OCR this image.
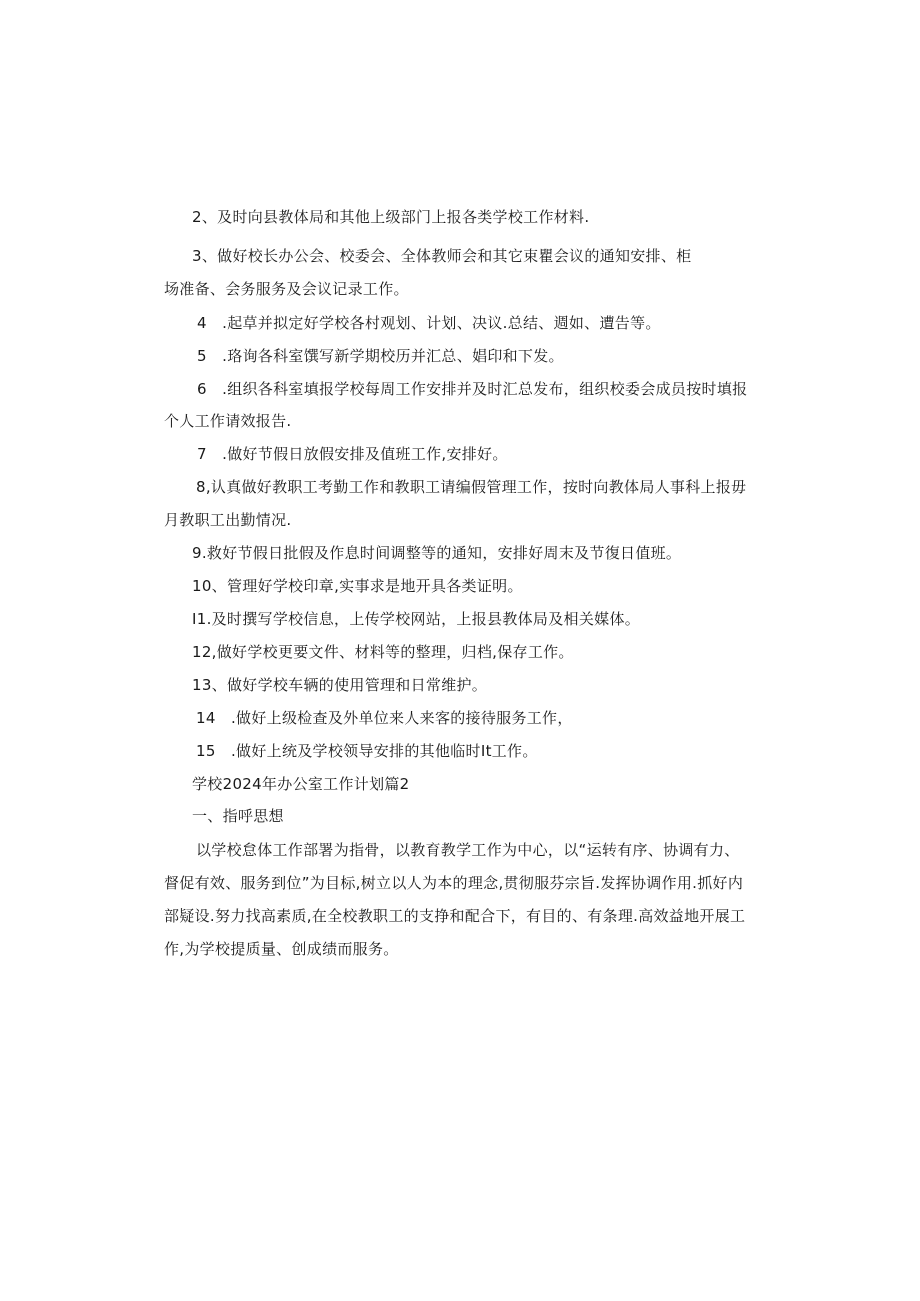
2、及时向县教体局和其他上级部门上报各类学校工作材料.
3、做好校长办公会、校委会、全体教师会和其它束瞿会议的通知安排、柜
场准备、会务服务及会议记录工作。
4　.起草并拟定好学校各村观划、计划、决议.总结、週如、遭告等。
5　.珞询各科室馔写新学期校历并汇总、娼印和下发。
6　.组织各科室填报学校每周工作安排并及时汇总发布，组织校委会成员按时填报
个人工作请效报告.
7　.做好节假日放假安排及值班工作,安排好。
8,认真做好教职工考勤工作和教职工请编假管理工作，按时向教体局人事科上报毋
月教职工出勤情况.
9.救好节假日批假及作息时间调整等的通知，安排好周末及节復日值班。
10、管理好学校印章,实事求是地开具各类证明。
I1.及时撰写学校信息，上传学校网站，上报县教体局及相关媒体。
12,做好学校更要文件、材料等的整理，归档,保存工作。
13、做好学校车辆的使用管理和日常维护。
14　.做好上级检查及外单位来人来客的接待服务工作，
15　.做好上统及学校领导安排的其他临时It工作。
学校2024年办公室工作计划篇2
一、指呼思想
以学校怠体工作部署为指骨，以教育教学工作为中心，以“运转有序、协调有力、
督促有效、服务到位”为目标,树立以人为本的理念,贯彻服芬宗旨.发挥协调作用.抓好内
部疑设.努力找高素质,在全校教职工的支挣和配合下，有目的、有条理.高效益地开展工
作,为学校提质量、创成绩而服务。
